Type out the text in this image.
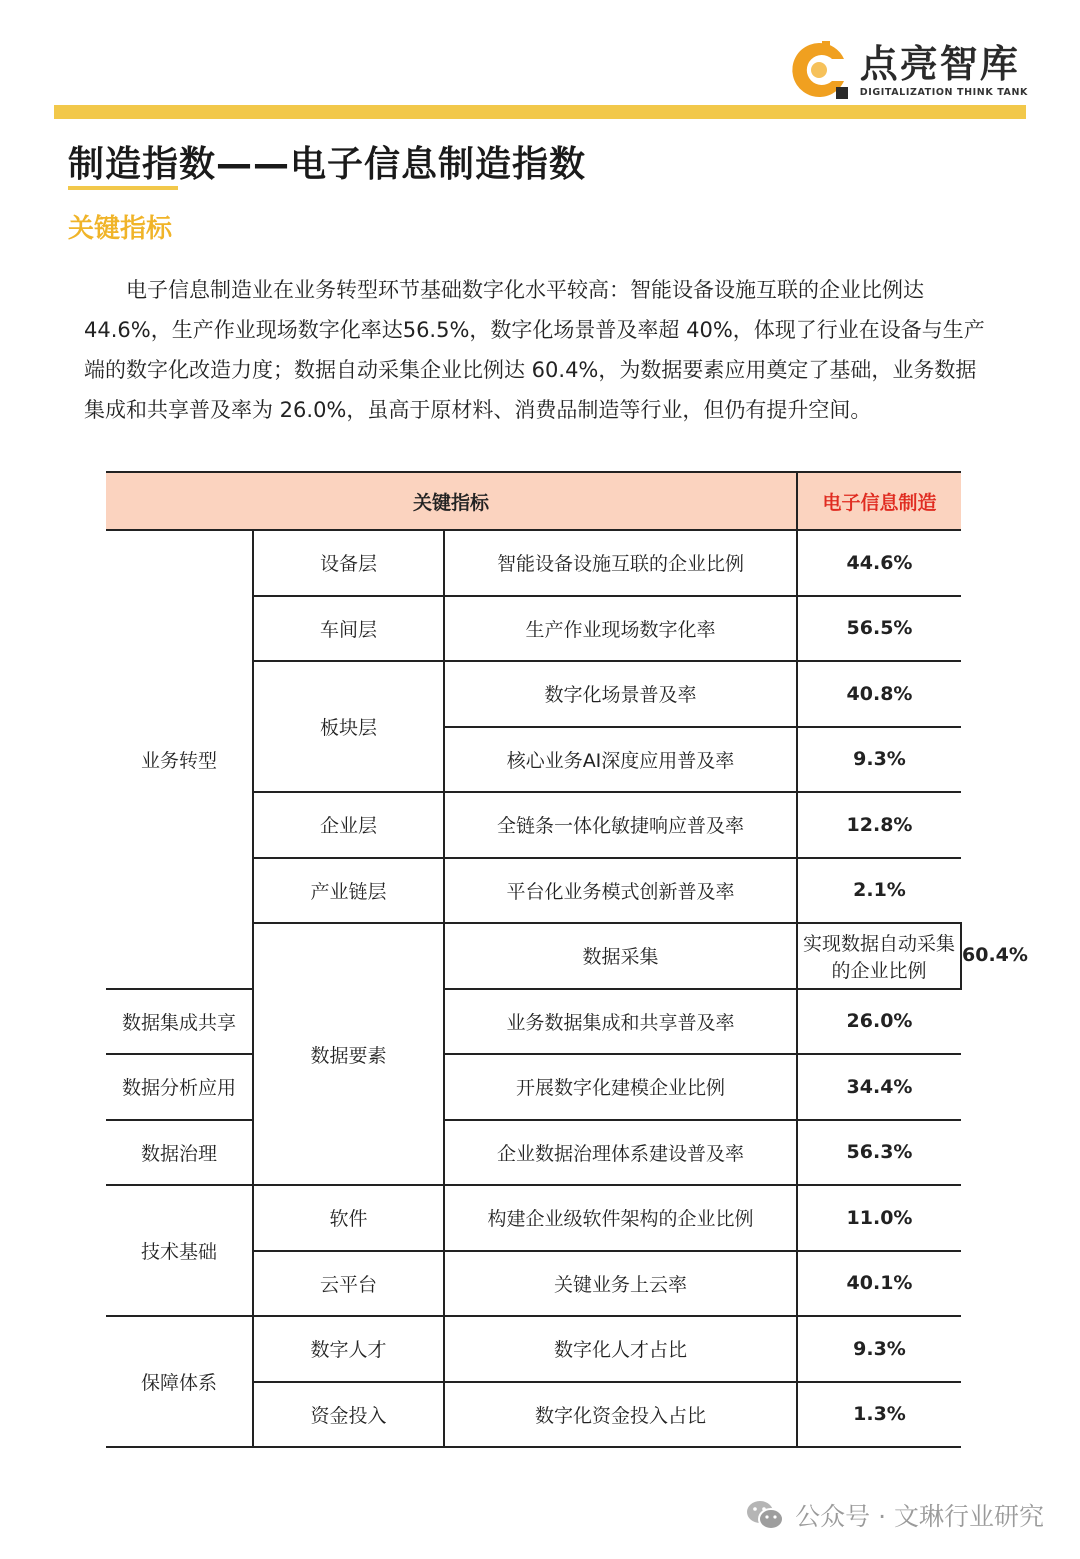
点亮智库
DIGITALIZATION THINK TANK
制造指数——电子信息制造指数
关键指标
电子信息制造业在业务转型环节基础数字化水平较高：智能设备设施互联的企业比例达44.6%，生产作业现场数字化率达56.5%，数字化场景普及率超 40%，体现了行业在设备与生产端的数字化改造力度；数据自动采集企业比例达 60.4%，为数据要素应用奠定了基础，业务数据集成和共享普及率为 26.0%，虽高于原材料、消费品制造等行业，但仍有提升空间。
关键指标			电子信息制造	
业务转型	设备层	智能设备设施互联的企业比例	44.6%	
	车间层	生产作业现场数字化率	56.5%	
	板块层	数字化场景普及率	40.8%	
		核心业务AI深度应用普及率	9.3%	
	企业层	全链条一体化敏捷响应普及率	12.8%	
	产业链层	平台化业务模式创新普及率	2.1%	
	数据要素	数据采集	实现数据自动采集的企业比例	60.4%
数据集成共享		业务数据集成和共享普及率	26.0%	
数据分析应用		开展数字化建模企业比例	34.4%	
数据治理		企业数据治理体系建设普及率	56.3%	
技术基础	软件	构建企业级软件架构的企业比例	11.0%	
	云平台	关键业务上云率	40.1%	
保障体系	数字人才	数字化人才占比	9.3%	
	资金投入	数字化资金投入占比	1.3%	
公众号 · 文琳行业研究
